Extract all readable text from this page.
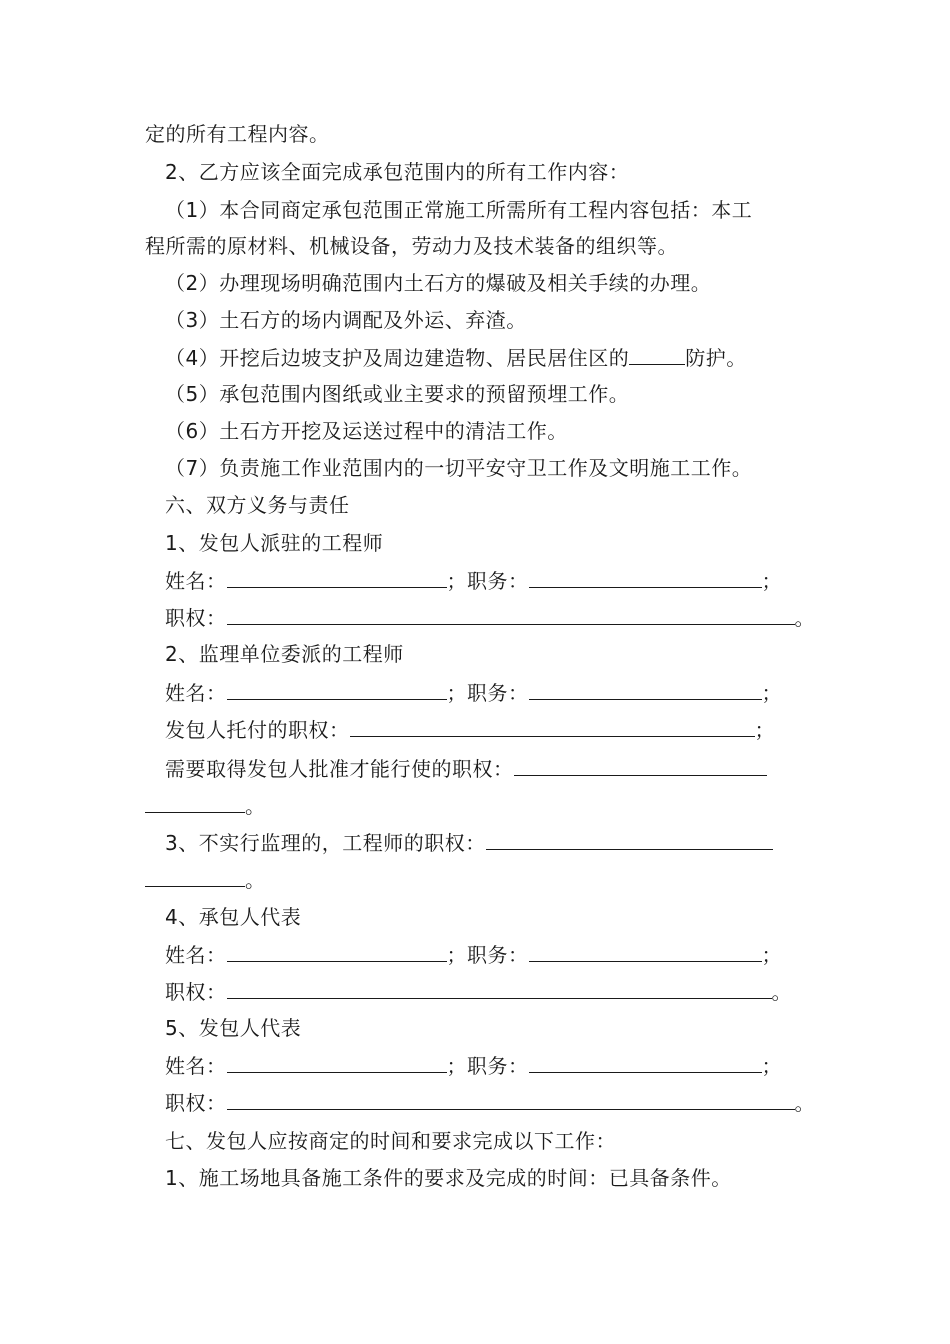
定的所有工程内容。
2、乙方应该全面完成承包范围内的所有工作内容：
（1）本合同商定承包范围正常施工所需所有工程内容包括：本工
程所需的原材料、机械设备，劳动力及技术装备的组织等。
（2）办理现场明确范围内土石方的爆破及相关手续的办理。
（3）土石方的场内调配及外运、弃渣。
（4）开挖后边坡支护及周边建造物、居民居住区的	防护。
（5）承包范围内图纸或业主要求的预留预埋工作。
（6）土石方开挖及运送过程中的清洁工作。
（7）负责施工作业范围内的一切平安守卫工作及文明施工工作。
六、双方义务与责任
1、发包人派驻的工程师
姓名：	；职务：	；
职权：	。
2、监理单位委派的工程师
姓名：	；职务：	；
发包人托付的职权：	；
需要取得发包人批准才能行使的职权：
。
3、不实行监理的，工程师的职权：
。
4、承包人代表
姓名：	；职务：	；
职权：	。
5、发包人代表
姓名：	；职务：	；
职权：	。
七、发包人应按商定的时间和要求完成以下工作：
1、施工场地具备施工条件的要求及完成的时间：已具备条件。
